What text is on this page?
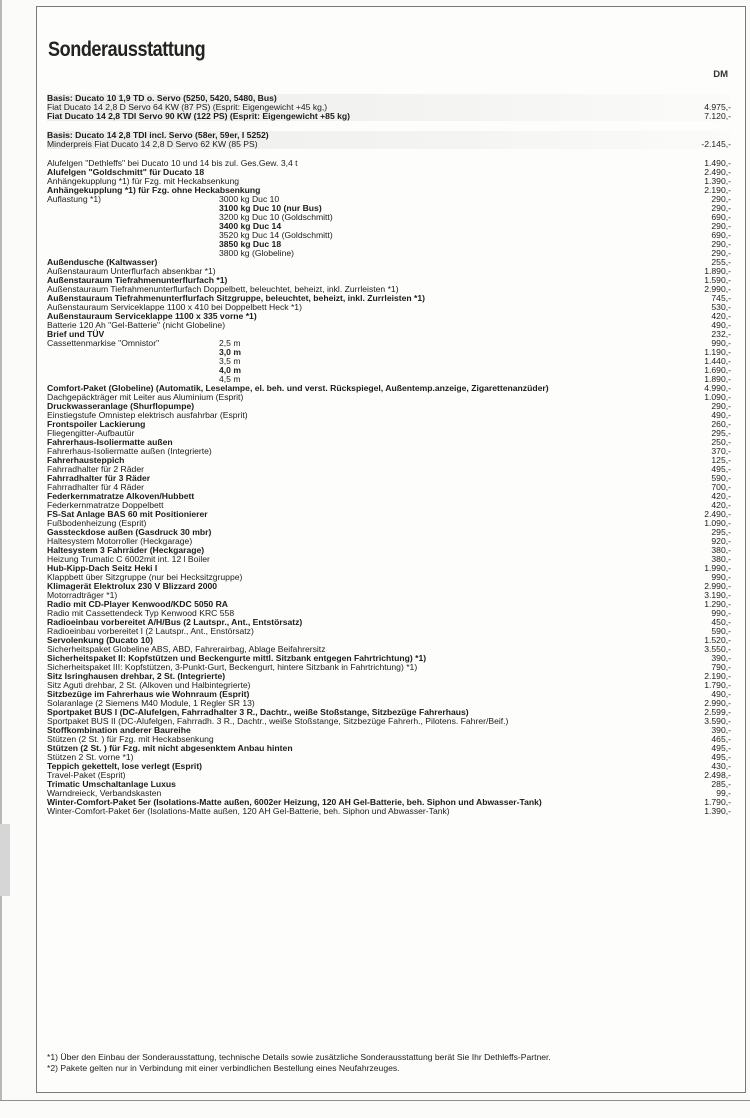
Sonderausstattung
DM
Basis: Ducato 10 1,9 TD o. Servo (5250, 5420, 5480, Bus)
Fiat Ducato 14 2,8 D Servo 64 KW (87 PS) (Esprit: Eigengewicht +45 kg,)	4.975,-
Fiat Ducato 14 2,8 TDI Servo 90 KW (122 PS) (Esprit: Eigengewicht +85 kg)	7.120,-
Basis: Ducato 14 2,8 TDI incl. Servo (58er, 59er, I 5252)
Minderpreis Fiat Ducato 14 2,8 D Servo 62 KW (85 PS)	-2.145,-
Alufelgen "Dethleffs" bei Ducato 10 und 14 bis zul. Ges.Gew. 3,4 t	1.490,-
Alufelgen "Goldschmitt" für Ducato 18	2.490,-
Anhängekupplung *1) für Fzg. mit Heckabsenkung	1.390,-
Anhängekupplung *1) für Fzg. ohne Heckabsenkung	2.190,-
Auflastung *1)	3000 kg Duc 10	290,-
3100 kg Duc 10 (nur Bus)	290,-
3200 kg Duc 10 (Goldschmitt)	690,-
3400 kg Duc 14	290,-
3520 kg Duc 14 (Goldschmitt)	690,-
3850 kg Duc 18	290,-
3800 kg (Globeline)	290,-
Außendusche (Kaltwasser)	255,-
Außenstauraum Unterflurfach absenkbar *1)	1.890,-
Außenstauraum Tiefrahmenunterflurfach *1)	1.590,-
Außenstauraum Tiefrahmenunterflurfach Doppelbett, beleuchtet, beheizt, inkl. Zurrleisten *1)	2.990,-
Außenstauraum Tiefrahmenunterflurfach Sitzgruppe, beleuchtet, beheizt, inkl. Zurrleisten *1)	745,-
Außenstauraum Serviceklappe 1100 x 410 bei Doppelbett Heck *1)	530,-
Außenstauraum Serviceklappe 1100 x 335 vorne *1)	420,-
Batterie 120 Ah "Gel-Batterie" (nicht Globeline)	490,-
Brief und TÜV	232,-
Cassettenmarkise "Omnistor"	2,5 m	990,-
3,0 m	1.190,-
3,5 m	1.440,-
4,0 m	1.690,-
4,5 m	1.890,-
Comfort-Paket (Globeline) (Automatik, Leselampe, el. beh. und verst. Rückspiegel, Außentemp.anzeige, Zigarettenanzüder)	4.990,-
Dachgepäckträger mit Leiter aus Aluminium (Esprit)	1.090,-
Druckwasseranlage (Shurflopumpe)	290,-
Einstiegstufe Omnistep elektrisch ausfahrbar (Esprit)	490,-
Frontspoiler Lackierung	260,-
Fliegengitter-Aufbautür	295,-
Fahrerhaus-Isoliermatte außen	250,-
Fahrerhaus-Isoliermatte außen (Integrierte)	370,-
Fahrerhausteppich	125,-
Fahrradhalter für 2 Räder	495,-
Fahrradhalter für 3 Räder	590,-
Fahrradhalter für 4 Räder	700,-
Federkernmatratze Alkoven/Hubbett	420,-
Federkernmatratze Doppelbett	420,-
FS-Sat Anlage BAS 60 mit Positionierer	2.490,-
Fußbodenheizung (Esprit)	1.090,-
Gassteckdose außen (Gasdruck 30 mbr)	295,-
Haltesystem Motorroller (Heckgarage)	920,-
Haltesystem 3 Fahrräder (Heckgarage)	380,-
Heizung Trumatic C 6002mit int. 12 l Boiler	380,-
Hub-Kipp-Dach Seitz Heki I	1.990,-
Klappbett über Sitzgruppe (nur bei Hecksitzgruppe)	990,-
Klimagerät Elektrolux 230 V Blizzard 2000	2.990,-
Motorradträger *1)	3.190,-
Radio mit CD-Player Kenwood/KDC 5050 RA	1.290,-
Radio mit Cassettendeck Typ Kenwood KRC 558	990,-
Radioeinbau vorbereitet A/H/Bus (2 Lautspr., Ant., Entstörsatz)	450,-
Radioeinbau vorbereitet I (2 Lautspr., Ant., Enstörsatz)	590,-
Servolenkung (Ducato 10)	1.520,-
Sicherheitspaket Globeline ABS, ABD, Fahrerairbag, Ablage Beifahrersitz	3.550,-
Sicherheitspaket II: Kopfstützen und Beckengurte mittl. Sitzbank entgegen Fahrtrichtung) *1)	390,-
Sicherheitspaket III: Kopfstützen, 3-Punkt-Gurt, Beckengurt, hintere Sitzbank in Fahrtrichtung) *1)	790,-
Sitz Isringhausen drehbar, 2 St. (Integrierte)	2.190,-
Sitz Aguti drehbar, 2 St. (Alkoven und Halbintegrierte)	1.790,-
Sitzbezüge im Fahrerhaus wie Wohnraum (Esprit)	490,-
Solaranlage (2 Siemens M40 Module, 1 Regler SR 13)	2.990,-
Sportpaket BUS I (DC-Alufelgen, Fahrradhalter 3 R., Dachtr., weiße Stoßstange, Sitzbezüge Fahrerhaus)	2.599,-
Sportpaket BUS II (DC-Alufelgen, Fahrradh. 3 R., Dachtr., weiße Stoßstange, Sitzbezüge Fahrerh., Pilotens. Fahrer/Beif.)	3.590,-
Stoffkombination anderer Baureihe	390,-
Stützen (2 St. ) für Fzg. mit Heckabsenkung	465,-
Stützen (2 St. ) für Fzg. mit nicht abgesenktem Anbau hinten	495,-
Stützen 2 St. vorne *1)	495,-
Teppich gekettelt, lose verlegt (Esprit)	430,-
Travel-Paket (Esprit)	2.498,-
Trimatic Umschaltanlage Luxus	285,-
Warndreieck, Verbandskasten	99,-
Winter-Comfort-Paket 5er (Isolations-Matte außen, 6002er Heizung, 120 AH Gel-Batterie, beh. Siphon und Abwasser-Tank)	1.790,-
Winter-Comfort-Paket 6er (Isolations-Matte außen, 120 AH Gel-Batterie, beh. Siphon und Abwasser-Tank)	1.390,-
*1) Über den Einbau der Sonderausstattung, technische Details sowie zusätzliche Sonderausstattung berät Sie Ihr Dethleffs-Partner.
*2) Pakete gelten nur in Verbindung mit einer verbindlichen Bestellung eines Neufahrzeuges.
